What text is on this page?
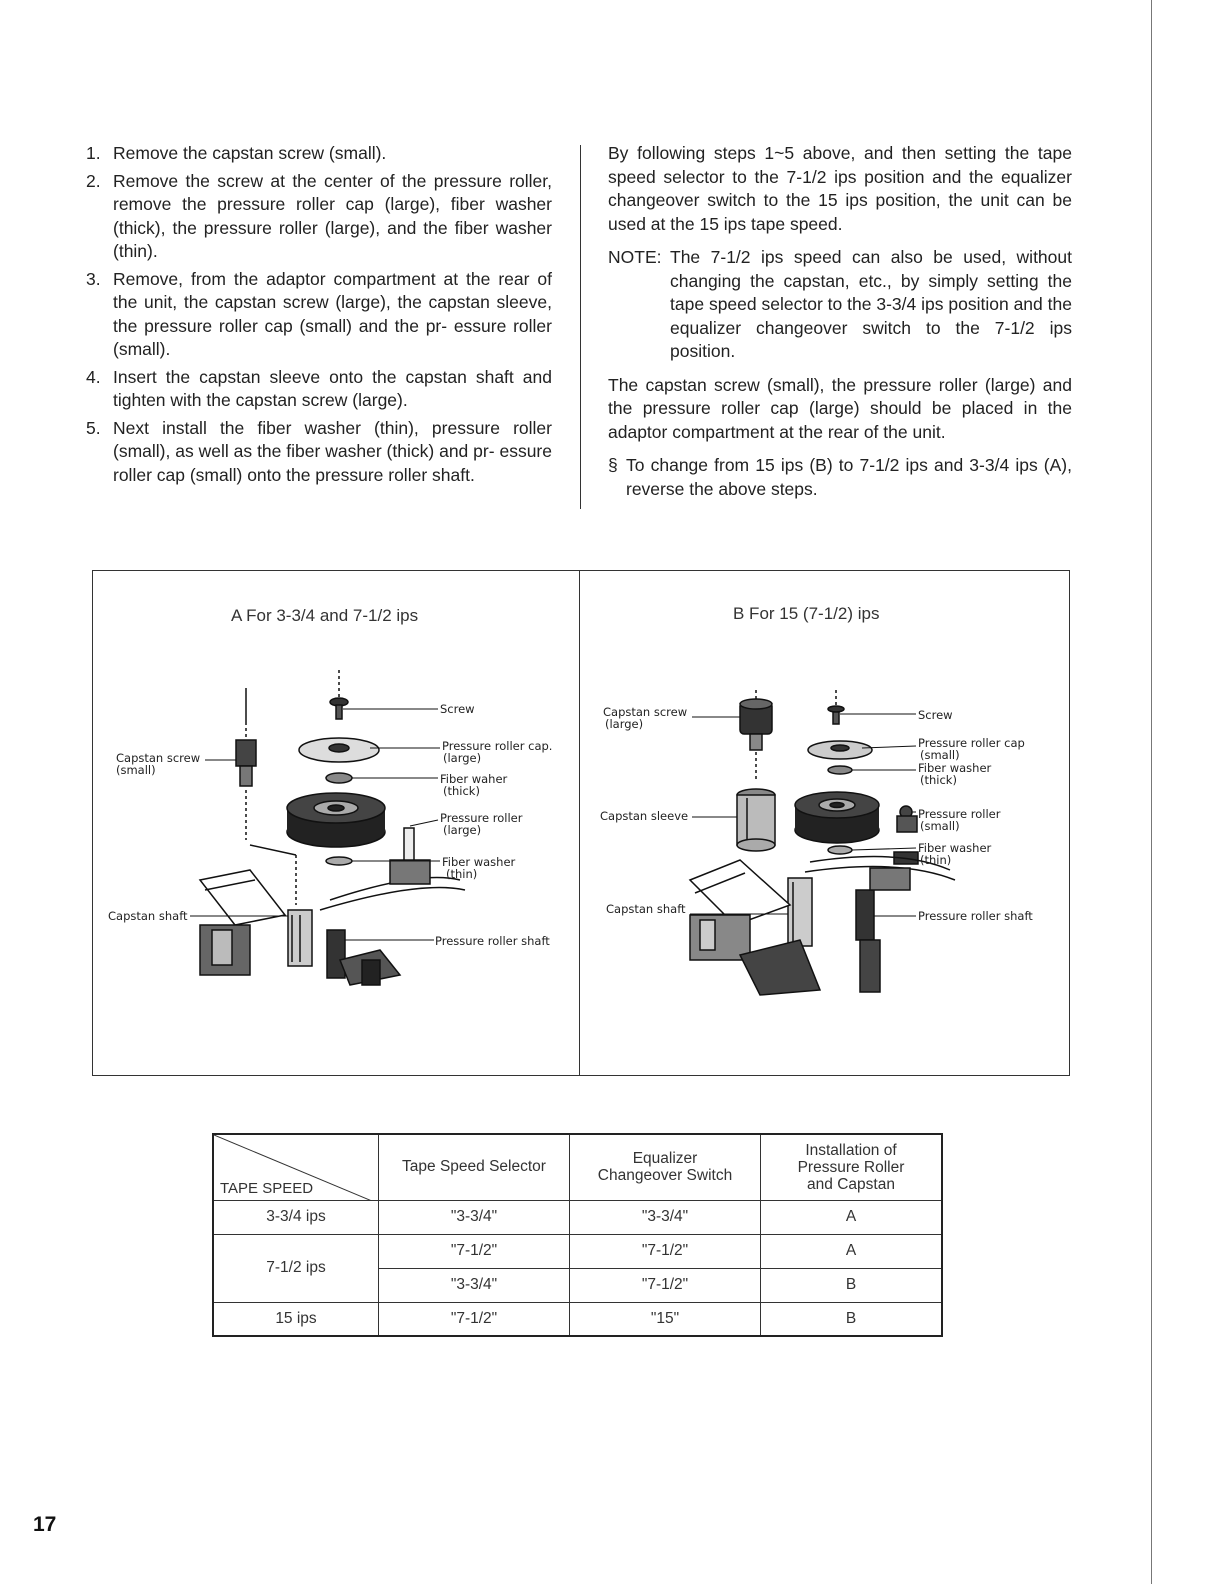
1. Remove the capstan screw (small).
2. Remove the screw at the center of the pressure roller, remove the pressure roller cap (large), fiber washer (thick), the pressure roller (large), and the fiber washer (thin).
3. Remove, from the adaptor compartment at the rear of the unit, the capstan screw (large), the capstan sleeve, the pressure roller cap (small) and the pr- essure roller (small).
4. Insert the capstan sleeve onto the capstan shaft and tighten with the capstan screw (large).
5. Next install the fiber washer (thin), pressure roller (small), as well as the fiber washer (thick) and pr- essure roller cap (small) onto the pressure roller shaft.

By following steps 1~5 above, and then setting the tape speed selector to the 7-1/2 ips position and the equalizer changeover switch to the 15 ips position, the unit can be used at the 15 ips tape speed.

NOTE: The 7-1/2 ips speed can also be used, without changing the capstan, etc., by simply setting the tape speed selector to the 3-3/4 ips position and the equalizer changeover switch to the 7-1/2 ips position.

The capstan screw (small), the pressure roller (large) and the pressure roller cap (large) should be placed in the adaptor compartment at the rear of the unit.

§ To change from 15 ips (B) to 7-1/2 ips and 3-3/4 ips (A), reverse the above steps.
A For 3-3/4 and 7-1/2 ips	B For 15 (7-1/2) ips
Screw
Pressure roller cap.
(large)
Capstan screw
(small)
Fiber waher
(thick)
Pressure roller
(large)
Fiber washer
(thin)
Capstan shaft
Pressure roller shaft
Capstan screw
(large)
Screw
Pressure roller cap
(small)
Fiber washer
(thick)
Capstan sleeve	Pressure roller
(small)
Fiber washer
(thin)
Capstan shaft	Pressure roller shaft
TAPE SPEED	Tape Speed Selector	Equalizer
Changeover Switch	Installation of
Pressure Roller
and Capstan
3-3/4 ips	"3-3/4"	"3-3/4"	A
7-1/2 ips	"7-1/2"	"7-1/2"	A
	"3-3/4"	"7-1/2"	B
15 ips	"7-1/2"	"15"	B
17
